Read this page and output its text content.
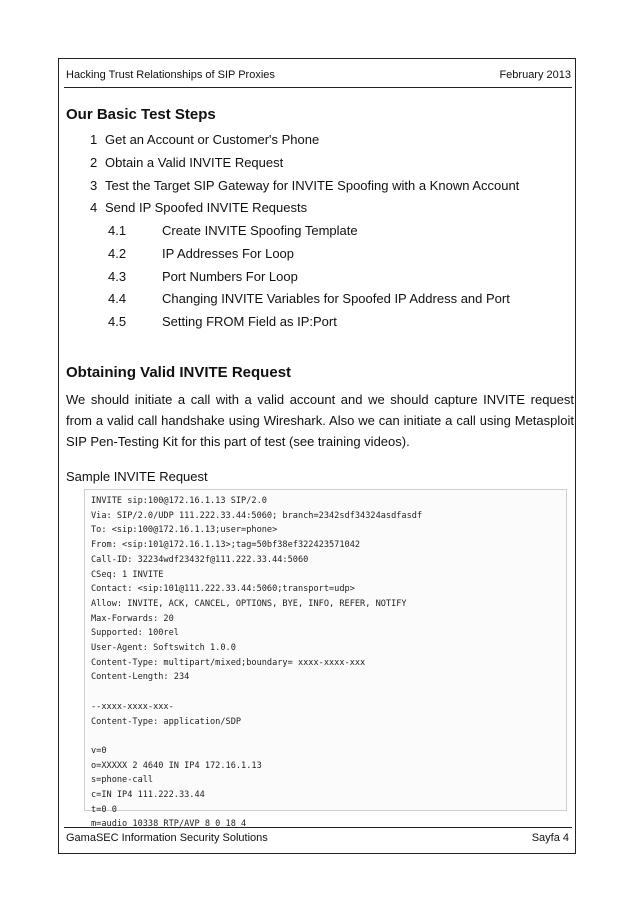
Hacking Trust Relationships of SIP Proxies	February 2013
Our Basic Test Steps
1 Get an Account or Customer's Phone
2 Obtain a Valid INVITE Request
3 Test the Target SIP Gateway for INVITE Spoofing with a Known Account
4 Send IP Spoofed INVITE Requests
4.1	Create INVITE Spoofing Template
4.2	IP Addresses For Loop
4.3	Port Numbers For Loop
4.4	Changing INVITE Variables for Spoofed IP Address and Port
4.5	Setting FROM Field as IP:Port
Obtaining Valid INVITE Request

We should initiate a call with a valid account and we should capture INVITE request from a valid call handshake using Wireshark. Also we can initiate a call using Metasploit SIP Pen-Testing Kit for this part of test (see training videos).

Sample INVITE Request
INVITE sip:100@172.16.1.13 SIP/2.0
Via: SIP/2.0/UDP 111.222.33.44:5060; branch=2342sdf34324asdfasdf
To: <sip:100@172.16.1.13;user=phone>
From: <sip:101@172.16.1.13>;tag=50bf38ef322423571042
Call-ID: 32234wdf23432f@111.222.33.44:5060
CSeq: 1 INVITE
Contact: <sip:101@111.222.33.44:5060;transport=udp>
Allow: INVITE, ACK, CANCEL, OPTIONS, BYE, INFO, REFER, NOTIFY
Max-Forwards: 20
Supported: 100rel
User-Agent: Softswitch 1.0.0
Content-Type: multipart/mixed;boundary= xxxx-xxxx-xxx
Content-Length: 234

--xxxx-xxxx-xxx-
Content-Type: application/SDP

v=0
o=XXXXX 2 4640 IN IP4 172.16.1.13
s=phone-call
c=IN IP4 111.222.33.44
t=0 0
m=audio 10338 RTP/AVP 8 0 18 4
GamaSEC Information Security Solutions	Sayfa 4
